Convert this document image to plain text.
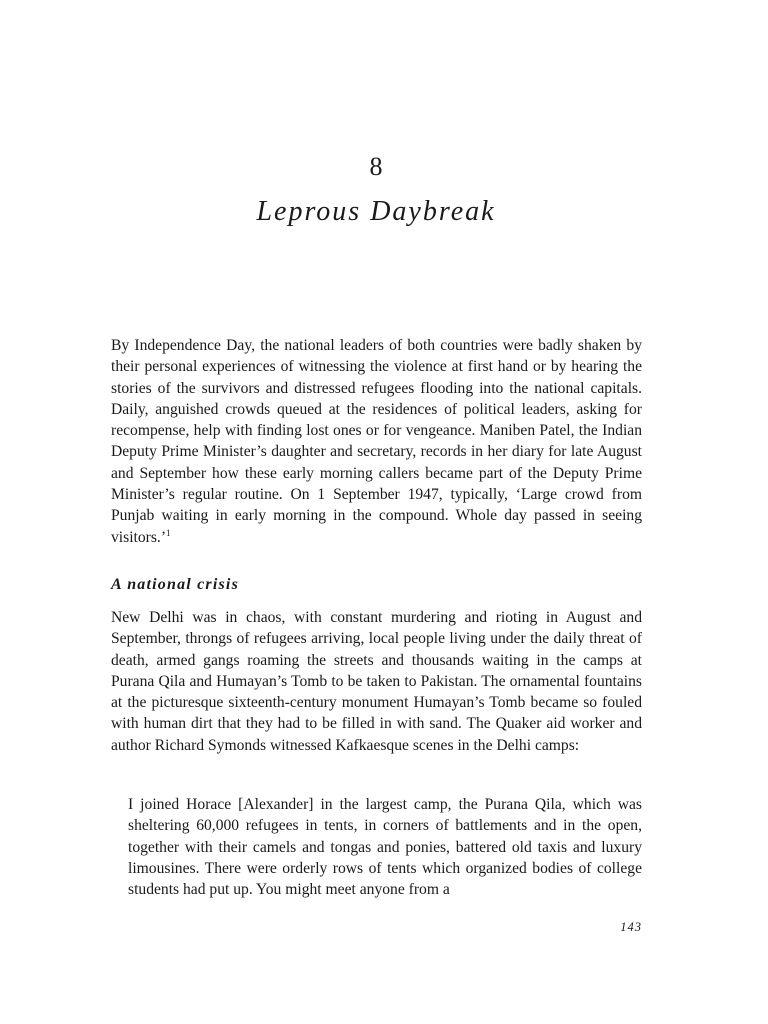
8
Leprous Daybreak

By Independence Day, the national leaders of both countries were badly shaken by their personal experiences of witnessing the violence at first hand or by hearing the stories of the survivors and distressed refugees flooding into the national capitals. Daily, anguished crowds queued at the residences of political leaders, asking for recompense, help with finding lost ones or for vengeance. Maniben Patel, the Indian Deputy Prime Minister’s daughter and secretary, records in her diary for late August and September how these early morning callers became part of the Deputy Prime Minister’s regular routine. On 1 September 1947, typically, ‘Large crowd from Punjab waiting in early morning in the compound. Whole day passed in seeing visitors.’$^1$

A national crisis

New Delhi was in chaos, with constant murdering and rioting in August and September, throngs of refugees arriving, local people living under the daily threat of death, armed gangs roaming the streets and thousands waiting in the camps at Purana Qila and Humayan’s Tomb to be taken to Pakistan. The ornamental fountains at the picturesque sixteenth-century monument Humayan’s Tomb became so fouled with human dirt that they had to be filled in with sand. The Quaker aid worker and author Richard Symonds witnessed Kafkaesque scenes in the Delhi camps:

I joined Horace [Alexander] in the largest camp, the Purana Qila, which was sheltering 60,000 refugees in tents, in corners of battlements and in the open, together with their camels and tongas and ponies, battered old taxis and luxury limousines. There were orderly rows of tents which organized bodies of college students had put up. You might meet anyone from a

143
